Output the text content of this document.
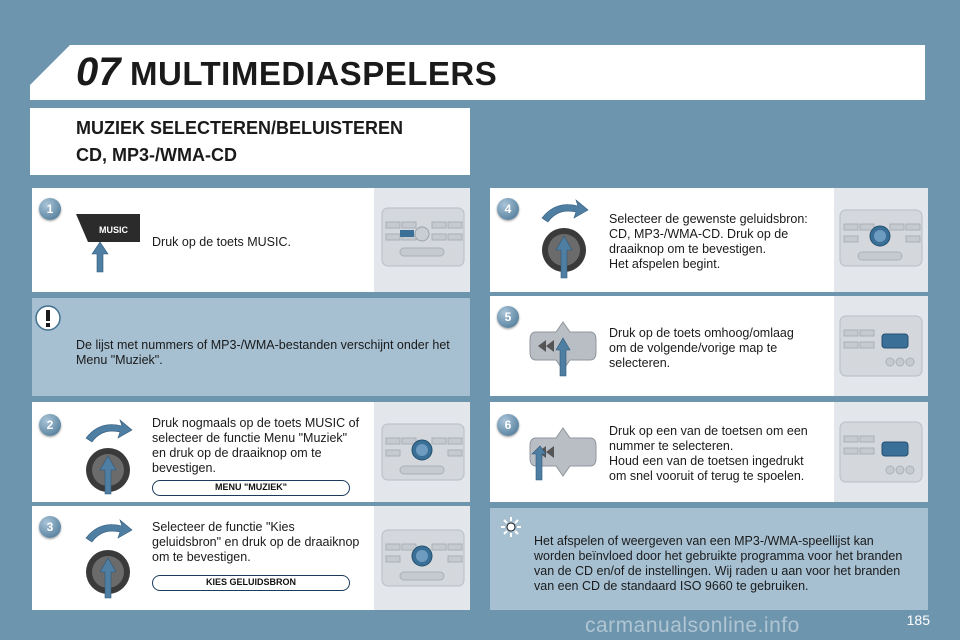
07 MULTIMEDIASPELERS
MUZIEK SELECTEREN/BELUISTEREN
CD, MP3-/WMA-CD
1
MUSIC
Druk op de toets MUSIC.
De lijst met nummers of MP3-/WMA-bestanden verschijnt onder het
Menu "Muziek".
2	Druk nogmaals op de toets MUSIC of
selecteer de functie Menu "Muziek"
en druk op de draaiknop om te
bevestigen.
MENU "MUZIEK"
3	Selecteer de functie "Kies
geluidsbron" en druk op de draaiknop
om te bevestigen.
KIES GELUIDSBRON
4
Selecteer de gewenste geluidsbron:
CD, MP3-/WMA-CD. Druk op de
draaiknop om te bevestigen.
Het afspelen begint.
5
Druk op de toets omhoog/omlaag
om de volgende/vorige map te
selecteren.
6	Druk op een van de toetsen om een
nummer te selecteren.
Houd een van de toetsen ingedrukt
om snel vooruit of terug te spoelen.
Het afspelen of weergeven van een MP3-/WMA-speellijst kan
worden beïnvloed door het gebruikte programma voor het branden
van de CD en/of de instellingen. Wij raden u aan voor het branden
van een CD de standaard ISO 9660 te gebruiken.
carmanualsonline.info	185
